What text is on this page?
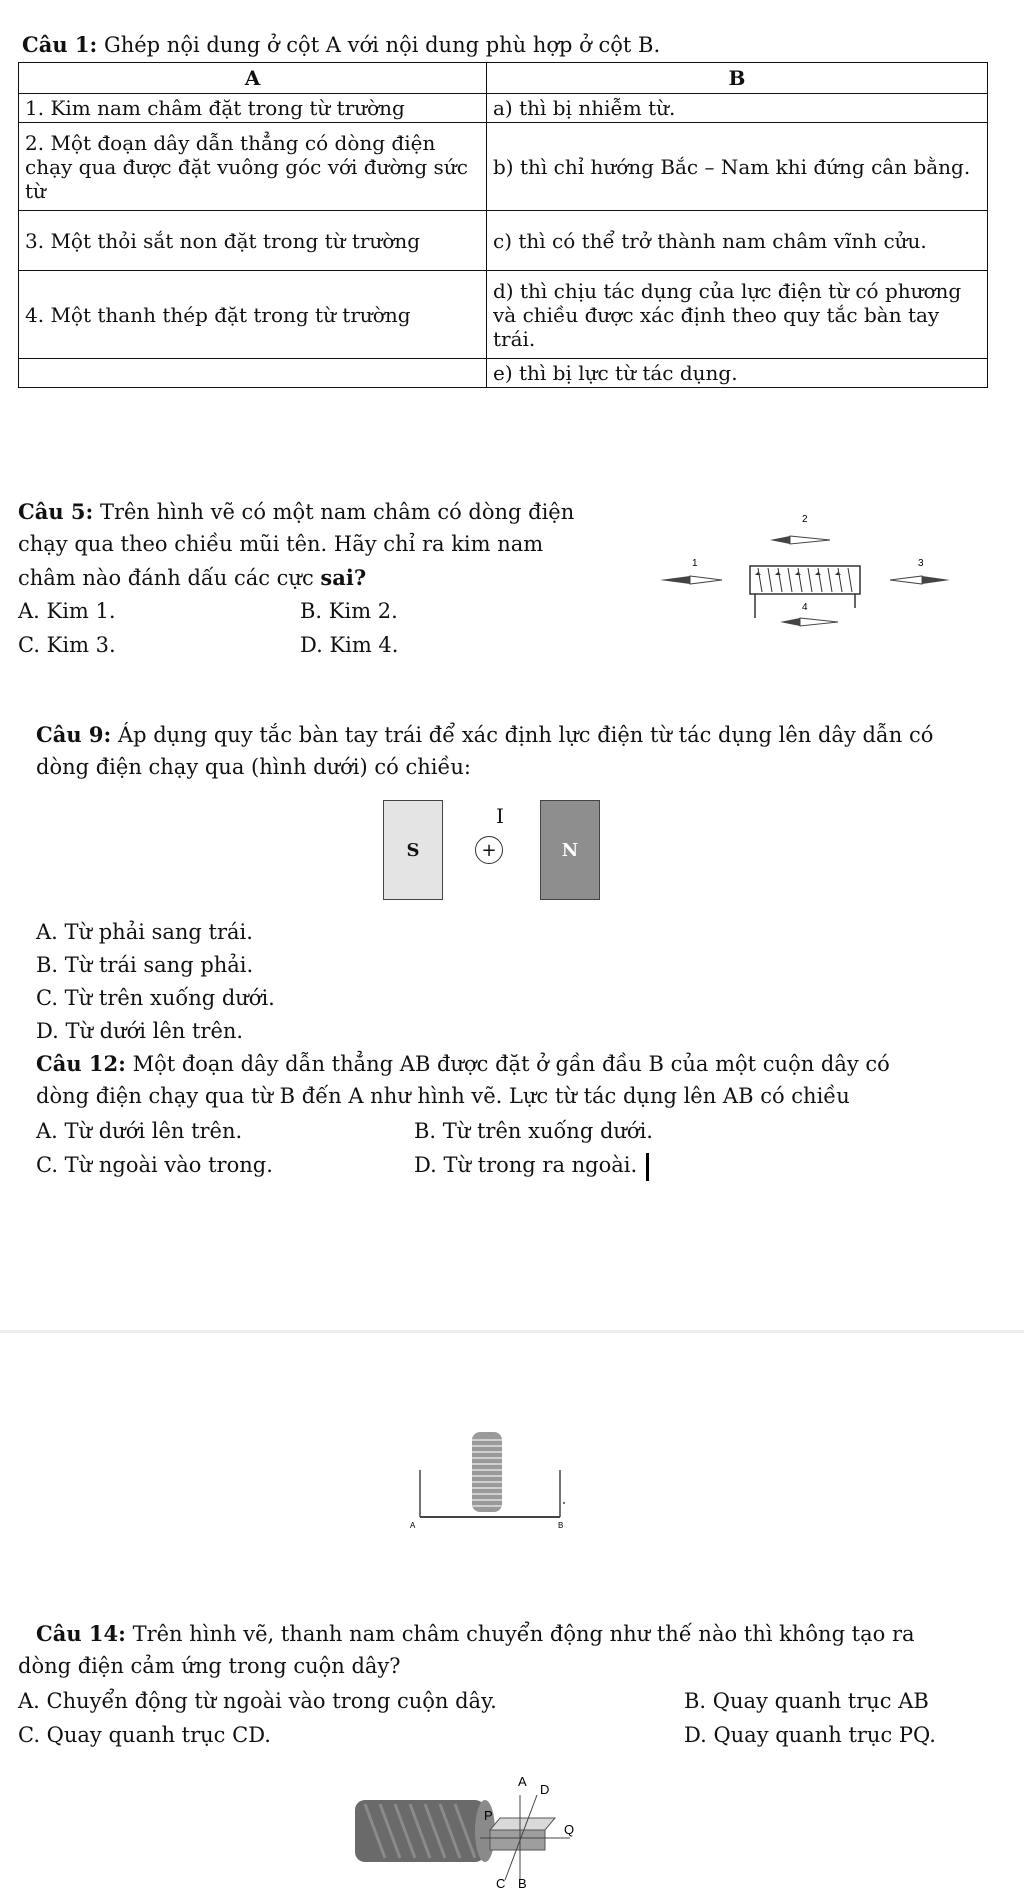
Câu 1: Ghép nội dung ở cột A với nội dung phù hợp ở cột B.
A	B
1. Kim nam châm đặt trong từ trường	a) thì bị nhiễm từ.
2. Một đoạn dây dẫn thẳng có dòng điện chạy qua được đặt vuông góc với đường sức từ	b) thì chỉ hướng Bắc – Nam khi đứng cân bằng.
3. Một thỏi sắt non đặt trong từ trường	c) thì có thể trở thành nam châm vĩnh cửu.
4. Một thanh thép đặt trong từ trường	d) thì chịu tác dụng của lực điện từ có phương và chiều được xác định theo quy tắc bàn tay trái.
	e) thì bị lực từ tác dụng.
Câu 5: Trên hình vẽ có một nam châm có dòng điện
chạy qua theo chiều mũi tên. Hãy chỉ ra kim nam
châm nào đánh dấu các cực sai?
A. Kim 1.	B. Kim 2.
C. Kim 3.	D. Kim 4.
2
1	3
4
Câu 9: Áp dụng quy tắc bàn tay trái để xác định lực điện từ tác dụng lên dây dẫn có
dòng điện chạy qua (hình dưới) có chiều:
S	N
I
+
A. Từ phải sang trái.
B. Từ trái sang phải.
C. Từ trên xuống dưới.
D. Từ dưới lên trên.
Câu 12: Một đoạn dây dẫn thẳng AB được đặt ở gần đầu B của một cuộn dây có
dòng điện chạy qua từ B đến A như hình vẽ. Lực từ tác dụng lên AB có chiều
A. Từ dưới lên trên.	B. Từ trên xuống dưới.
C. Từ ngoài vào trong.	D. Từ trong ra ngoài.
A	B
Câu 14: Trên hình vẽ, thanh nam châm chuyển động như thế nào thì không tạo ra
dòng điện cảm ứng trong cuộn dây?
A. Chuyển động từ ngoài vào trong cuộn dây.	B. Quay quanh trục AB
C. Quay quanh trục CD.	D. Quay quanh trục PQ.
A
D
P
Q
C B
